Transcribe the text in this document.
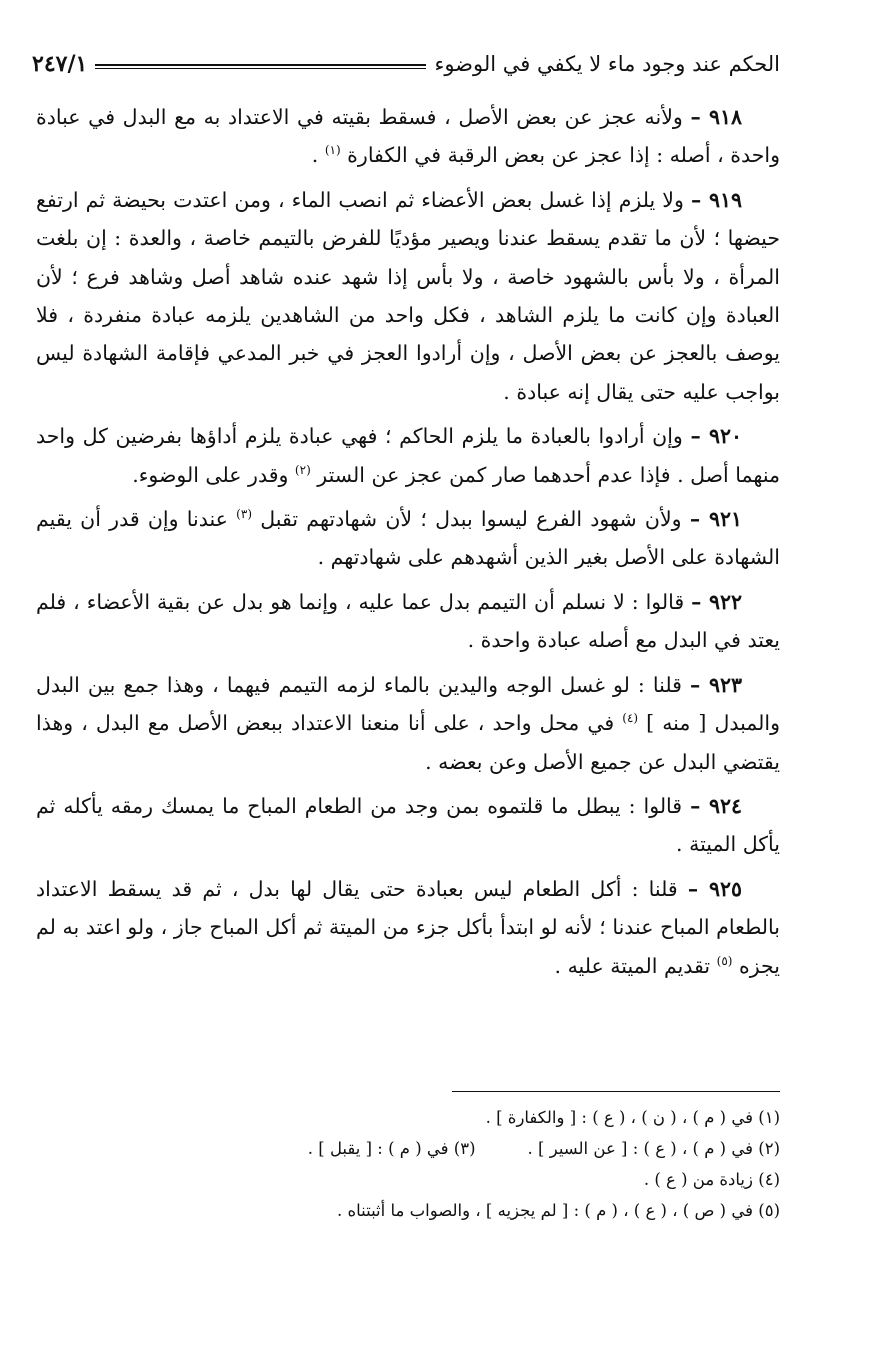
الحكم عند وجود ماء لا يكفي في الوضوء
٢٤٧/١

٩١٨ – ولأنه عجز عن بعض الأصل ، فسقط بقيته في الاعتداد به مع البدل في عبادة واحدة ، أصله : إذا عجز عن بعض الرقبة في الكفارة $^{(١)}$ .

٩١٩ – ولا يلزم إذا غسل بعض الأعضاء ثم انصب الماء ، ومن اعتدت بحيضة ثم ارتفع حيضها ؛ لأن ما تقدم يسقط عندنا ويصير مؤديًا للفرض بالتيمم خاصة ، والعدة : إن بلغت المرأة ، ولا بأس بالشهود خاصة ، ولا بأس إذا شهد عنده شاهد أصل وشاهد فرع ؛ لأن العبادة وإن كانت ما يلزم الشاهد ، فكل واحد من الشاهدين يلزمه عبادة منفردة ، فلا يوصف بالعجز عن بعض الأصل ، وإن أرادوا العجز في خبر المدعي فإقامة الشهادة ليس بواجب عليه حتى يقال إنه عبادة .

٩٢٠ – وإن أرادوا بالعبادة ما يلزم الحاكم ؛ فهي عبادة يلزم أداؤها بفرضين كل واحد منهما أصل . فإذا عدم أحدهما صار كمن عجز عن الستر $^{(٢)}$ وقدر على الوضوء.

٩٢١ – ولأن شهود الفرع ليسوا ببدل ؛ لأن شهادتهم تقبل $^{(٣)}$ عندنا وإن قدر أن يقيم الشهادة على الأصل بغير الذين أشهدهم على شهادتهم .

٩٢٢ – قالوا : لا نسلم أن التيمم بدل عما عليه ، وإنما هو بدل عن بقية الأعضاء ، فلم يعتد في البدل مع أصله عبادة واحدة .

٩٢٣ – قلنا : لو غسل الوجه واليدين بالماء لزمه التيمم فيهما ، وهذا جمع بين البدل والمبدل [ منه ] $^{(٤)}$ في محل واحد ، على أنا منعنا الاعتداد ببعض الأصل مع البدل ، وهذا يقتضي البدل عن جميع الأصل وعن بعضه .

٩٢٤ – قالوا : يبطل ما قلتموه بمن وجد من الطعام المباح ما يمسك رمقه يأكله ثم يأكل الميتة .

٩٢٥ – قلنا : أكل الطعام ليس بعبادة حتى يقال لها بدل ، ثم قد يسقط الاعتداد بالطعام المباح عندنا ؛ لأنه لو ابتدأ بأكل جزء من الميتة ثم أكل المباح جاز ، ولو اعتد به لم يجزه $^{(٥)}$ تقديم الميتة عليه .

(١) في ( م ) ، ( ن ) ، ( ع ) : [ والكفارة ] .
(٢) في ( م ) ، ( ع ) : [ عن السير ] .
(٣) في ( م ) : [ يقبل ] .
(٤) زيادة من ( ع ) .
(٥) في ( ص ) ، ( ع ) ، ( م ) : [ لم يجزيه ] ، والصواب ما أثبتناه .
